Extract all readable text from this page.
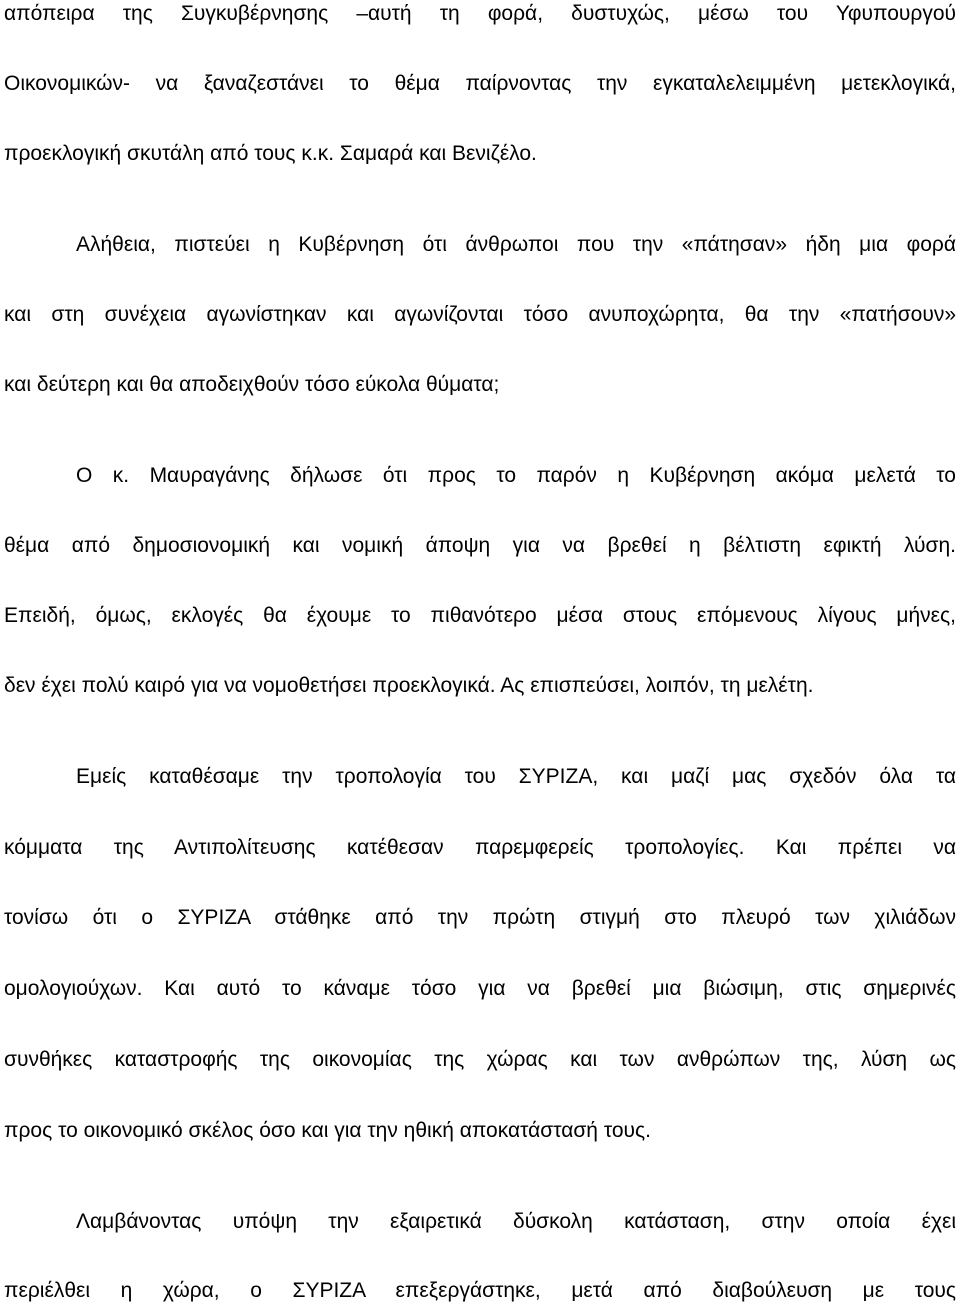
απόπειρα της Συγκυβέρνησης –αυτή τη φορά, δυστυχώς, μέσω του Υφυπουργού
Οικονομικών- να ξαναζεστάνει το θέμα παίρνοντας την εγκαταλελειμμένη μετεκλογικά,
προεκλογική σκυτάλη από τους κ.κ. Σαμαρά και Βενιζέλο.
Αλήθεια, πιστεύει η Κυβέρνηση ότι άνθρωποι που την «πάτησαν» ήδη μια φορά
και στη συνέχεια αγωνίστηκαν και αγωνίζονται τόσο ανυποχώρητα, θα την «πατήσουν»
και δεύτερη και θα αποδειχθούν τόσο εύκολα θύματα;
Ο κ. Μαυραγάνης δήλωσε ότι προς το παρόν η Κυβέρνηση ακόμα μελετά το
θέμα από δημοσιονομική και νομική άποψη για να βρεθεί η βέλτιστη εφικτή λύση.
Επειδή, όμως, εκλογές θα έχουμε το πιθανότερο μέσα στους επόμενους λίγους μήνες,
δεν έχει πολύ καιρό για να νομοθετήσει προεκλογικά. Ας επισπεύσει, λοιπόν, τη μελέτη.
Εμείς καταθέσαμε την τροπολογία του ΣΥΡΙΖΑ, και μαζί μας σχεδόν όλα τα
κόμματα της Αντιπολίτευσης κατέθεσαν παρεμφερείς τροπολογίες. Και πρέπει να
τονίσω ότι ο ΣΥΡΙΖΑ στάθηκε από την πρώτη στιγμή στο πλευρό των χιλιάδων
ομολογιούχων. Και αυτό το κάναμε τόσο για να βρεθεί μια βιώσιμη, στις σημερινές
συνθήκες καταστροφής της οικονομίας της χώρας και των ανθρώπων της, λύση ως
προς το οικονομικό σκέλος όσο και για την ηθική αποκατάστασή τους.
Λαμβάνοντας υπόψη την εξαιρετικά δύσκολη κατάσταση, στην οποία έχει
περιέλθει η χώρα, ο ΣΥΡΙΖΑ επεξεργάστηκε, μετά από διαβούλευση με τους
